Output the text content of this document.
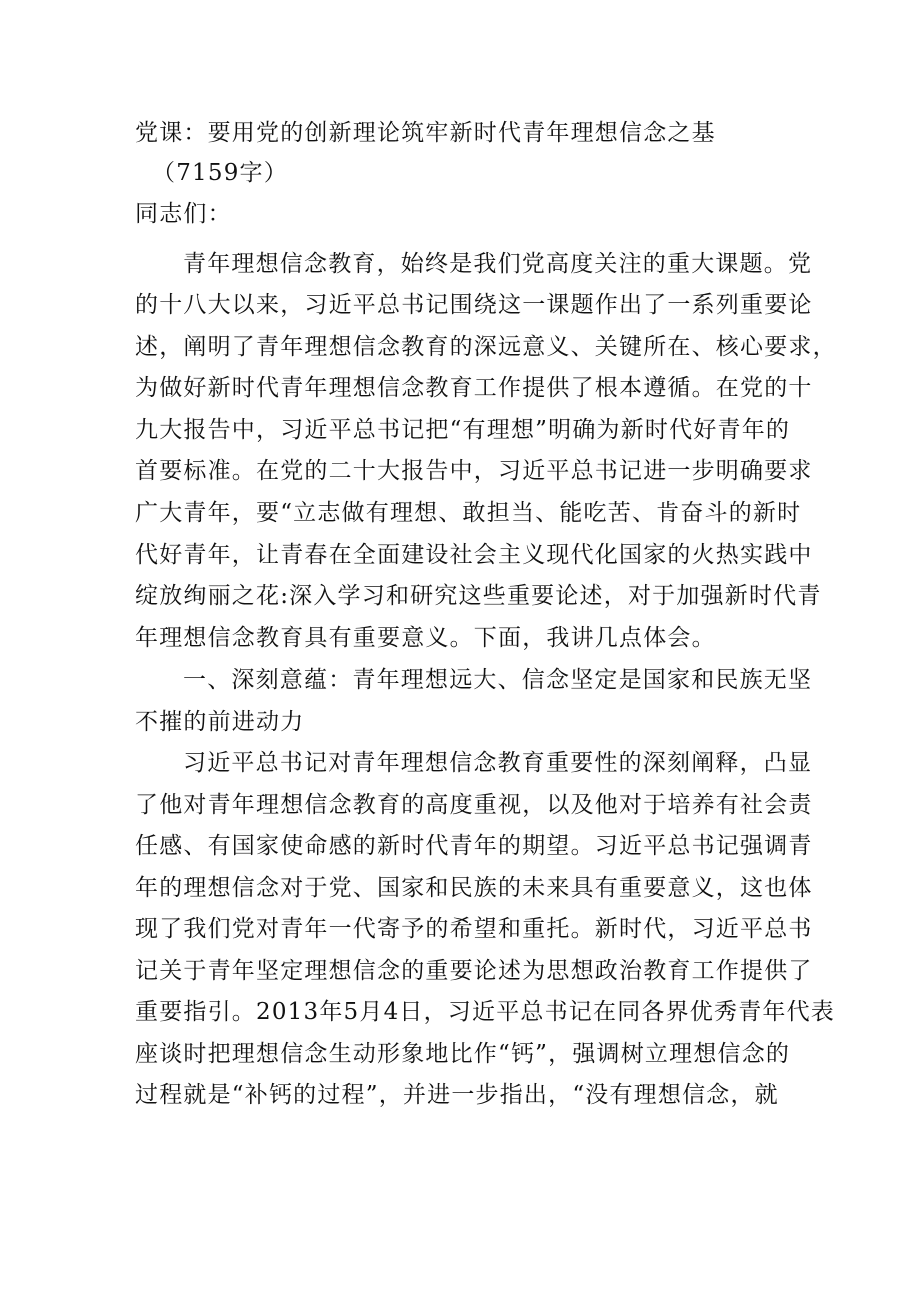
党课：要用党的创新理论筑牢新时代青年理想信念之基
（7159字）
同志们：
青年理想信念教育，始终是我们党高度关注的重大课题。党
的十八大以来，习近平总书记围绕这一课题作出了一系列重要论
述，阐明了青年理想信念教育的深远意义、关键所在、核心要求，
为做好新时代青年理想信念教育工作提供了根本遵循。在党的十
九大报告中，习近平总书记把“有理想”明确为新时代好青年的
首要标准。在党的二十大报告中，习近平总书记进一步明确要求
广大青年，要“立志做有理想、敢担当、能吃苦、肯奋斗的新时
代好青年，让青春在全面建设社会主义现代化国家的火热实践中
绽放绚丽之花:深入学习和研究这些重要论述，对于加强新时代青
年理想信念教育具有重要意义。下面，我讲几点体会。
一、深刻意蕴：青年理想远大、信念坚定是国家和民族无坚
不摧的前进动力
习近平总书记对青年理想信念教育重要性的深刻阐释，凸显
了他对青年理想信念教育的高度重视，以及他对于培养有社会责
任感、有国家使命感的新时代青年的期望。习近平总书记强调青
年的理想信念对于党、国家和民族的未来具有重要意义，这也体
现了我们党对青年一代寄予的希望和重托。新时代，习近平总书
记关于青年坚定理想信念的重要论述为思想政治教育工作提供了
重要指引。2013年5月4日，习近平总书记在同各界优秀青年代表
座谈时把理想信念生动形象地比作“钙”，强调树立理想信念的
过程就是“补钙的过程”，并进一步指出，“没有理想信念，就
